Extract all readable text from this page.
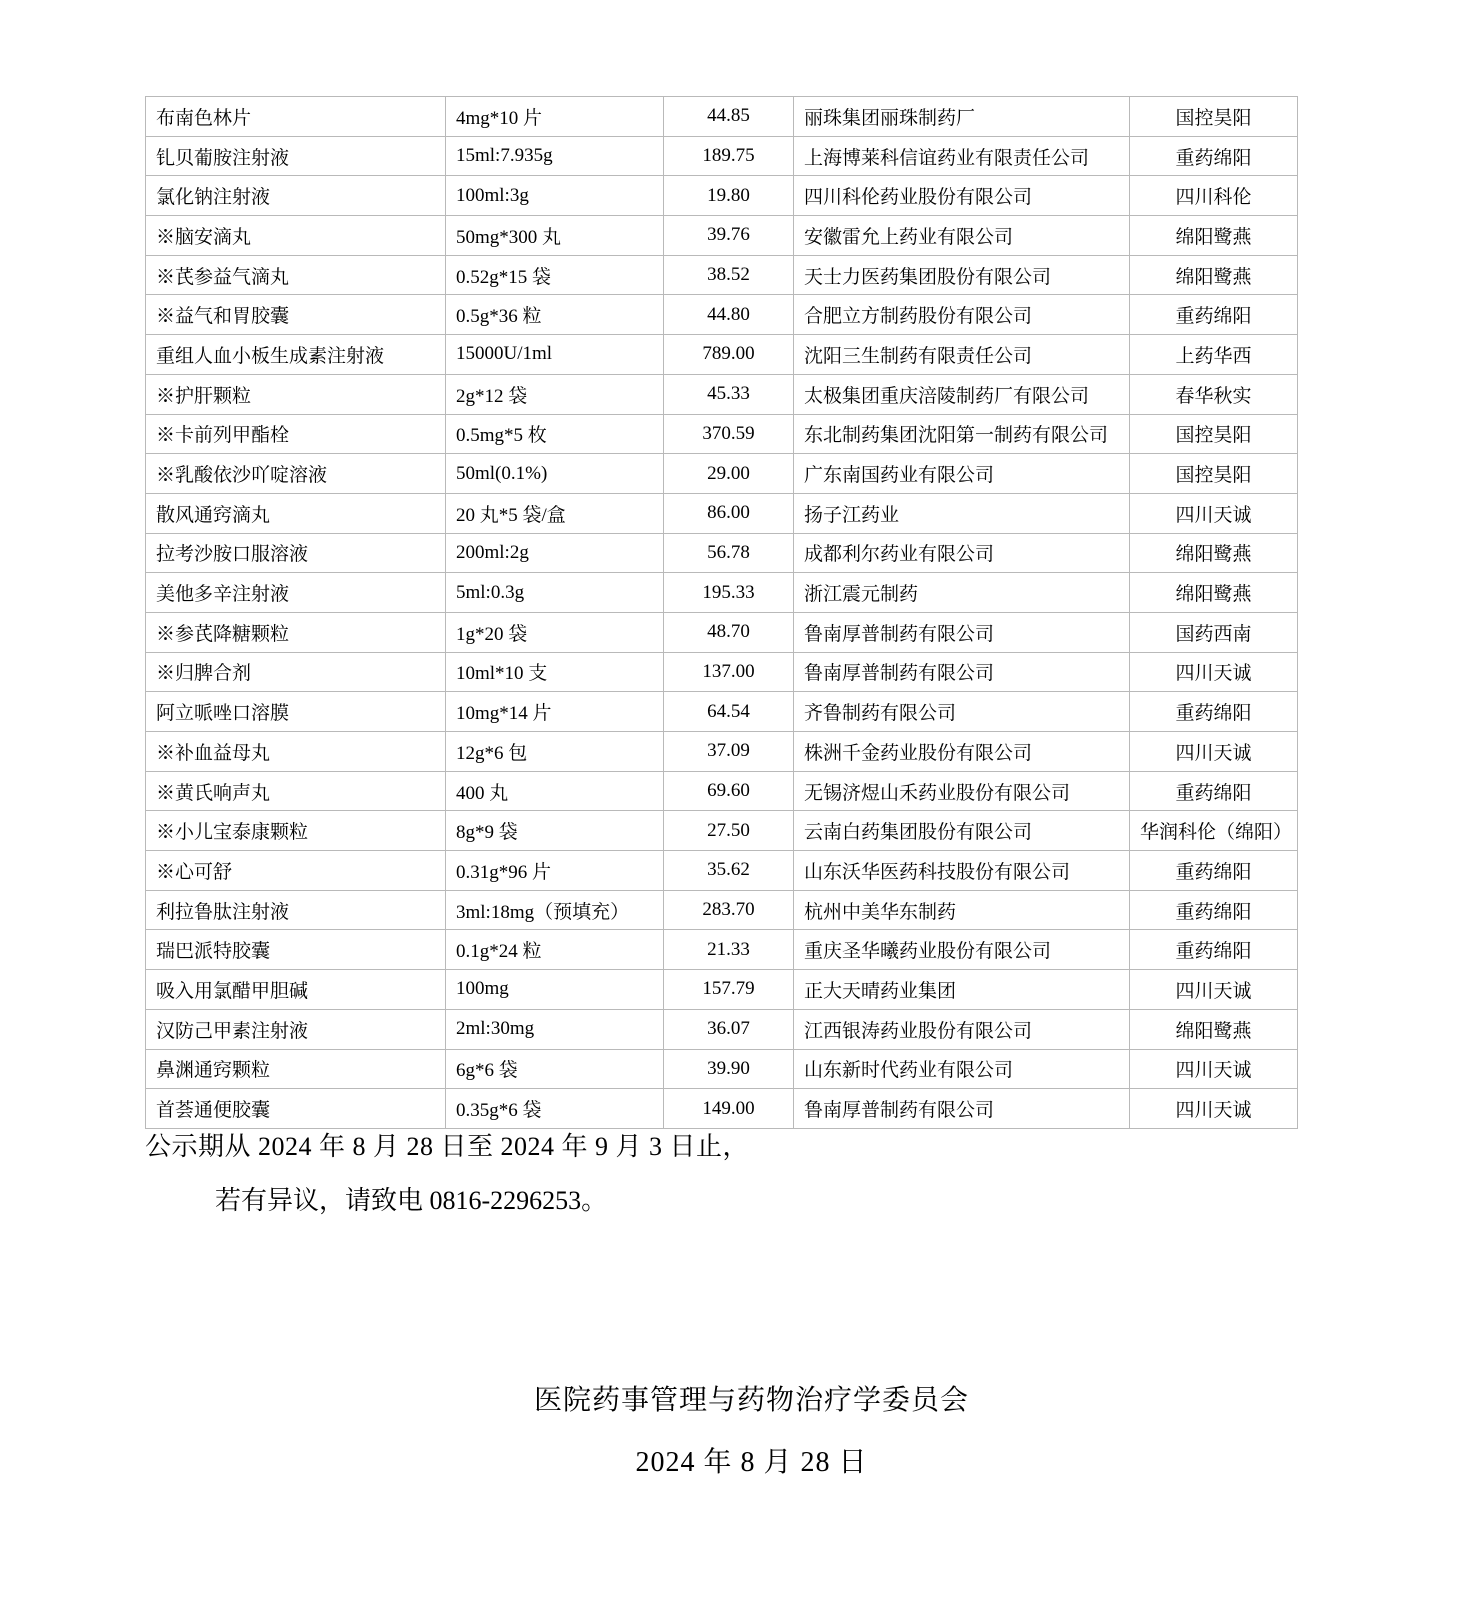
布南色林片	4mg*10 片	44.85	丽珠集团丽珠制药厂	国控昊阳
钆贝葡胺注射液	15ml:7.935g	189.75	上海博莱科信谊药业有限责任公司	重药绵阳
氯化钠注射液	100ml:3g	19.80	四川科伦药业股份有限公司	四川科伦
※脑安滴丸	50mg*300 丸	39.76	安徽雷允上药业有限公司	绵阳鹭燕
※芪参益气滴丸	0.52g*15 袋	38.52	天士力医药集团股份有限公司	绵阳鹭燕
※益气和胃胶囊	0.5g*36 粒	44.80	合肥立方制药股份有限公司	重药绵阳
重组人血小板生成素注射液	15000U/1ml	789.00	沈阳三生制药有限责任公司	上药华西
※护肝颗粒	2g*12 袋	45.33	太极集团重庆涪陵制药厂有限公司	春华秋实
※卡前列甲酯栓	0.5mg*5 枚	370.59	东北制药集团沈阳第一制药有限公司	国控昊阳
※乳酸依沙吖啶溶液	50ml(0.1%)	29.00	广东南国药业有限公司	国控昊阳
散风通窍滴丸	20 丸*5 袋/盒	86.00	扬子江药业	四川天诚
拉考沙胺口服溶液	200ml:2g	56.78	成都利尔药业有限公司	绵阳鹭燕
美他多辛注射液	5ml:0.3g	195.33	浙江震元制药	绵阳鹭燕
※参芪降糖颗粒	1g*20 袋	48.70	鲁南厚普制药有限公司	国药西南
※归脾合剂	10ml*10 支	137.00	鲁南厚普制药有限公司	四川天诚
阿立哌唑口溶膜	10mg*14 片	64.54	齐鲁制药有限公司	重药绵阳
※补血益母丸	12g*6 包	37.09	株洲千金药业股份有限公司	四川天诚
※黄氏响声丸	400 丸	69.60	无锡济煜山禾药业股份有限公司	重药绵阳
※小儿宝泰康颗粒	8g*9 袋	27.50	云南白药集团股份有限公司	华润科伦（绵阳）
※心可舒	0.31g*96 片	35.62	山东沃华医药科技股份有限公司	重药绵阳
利拉鲁肽注射液	3ml:18mg（预填充）	283.70	杭州中美华东制药	重药绵阳
瑞巴派特胶囊	0.1g*24 粒	21.33	重庆圣华曦药业股份有限公司	重药绵阳
吸入用氯醋甲胆碱	100mg	157.79	正大天晴药业集团	四川天诚
汉防己甲素注射液	2ml:30mg	36.07	江西银涛药业股份有限公司	绵阳鹭燕
鼻渊通窍颗粒	6g*6 袋	39.90	山东新时代药业有限公司	四川天诚
首荟通便胶囊	0.35g*6 袋	149.00	鲁南厚普制药有限公司	四川天诚
公示期从 2024 年 8 月 28 日至 2024 年 9 月 3 日止，
若有异议，请致电 0816-2296253。
医院药事管理与药物治疗学委员会
2024 年 8 月 28 日
